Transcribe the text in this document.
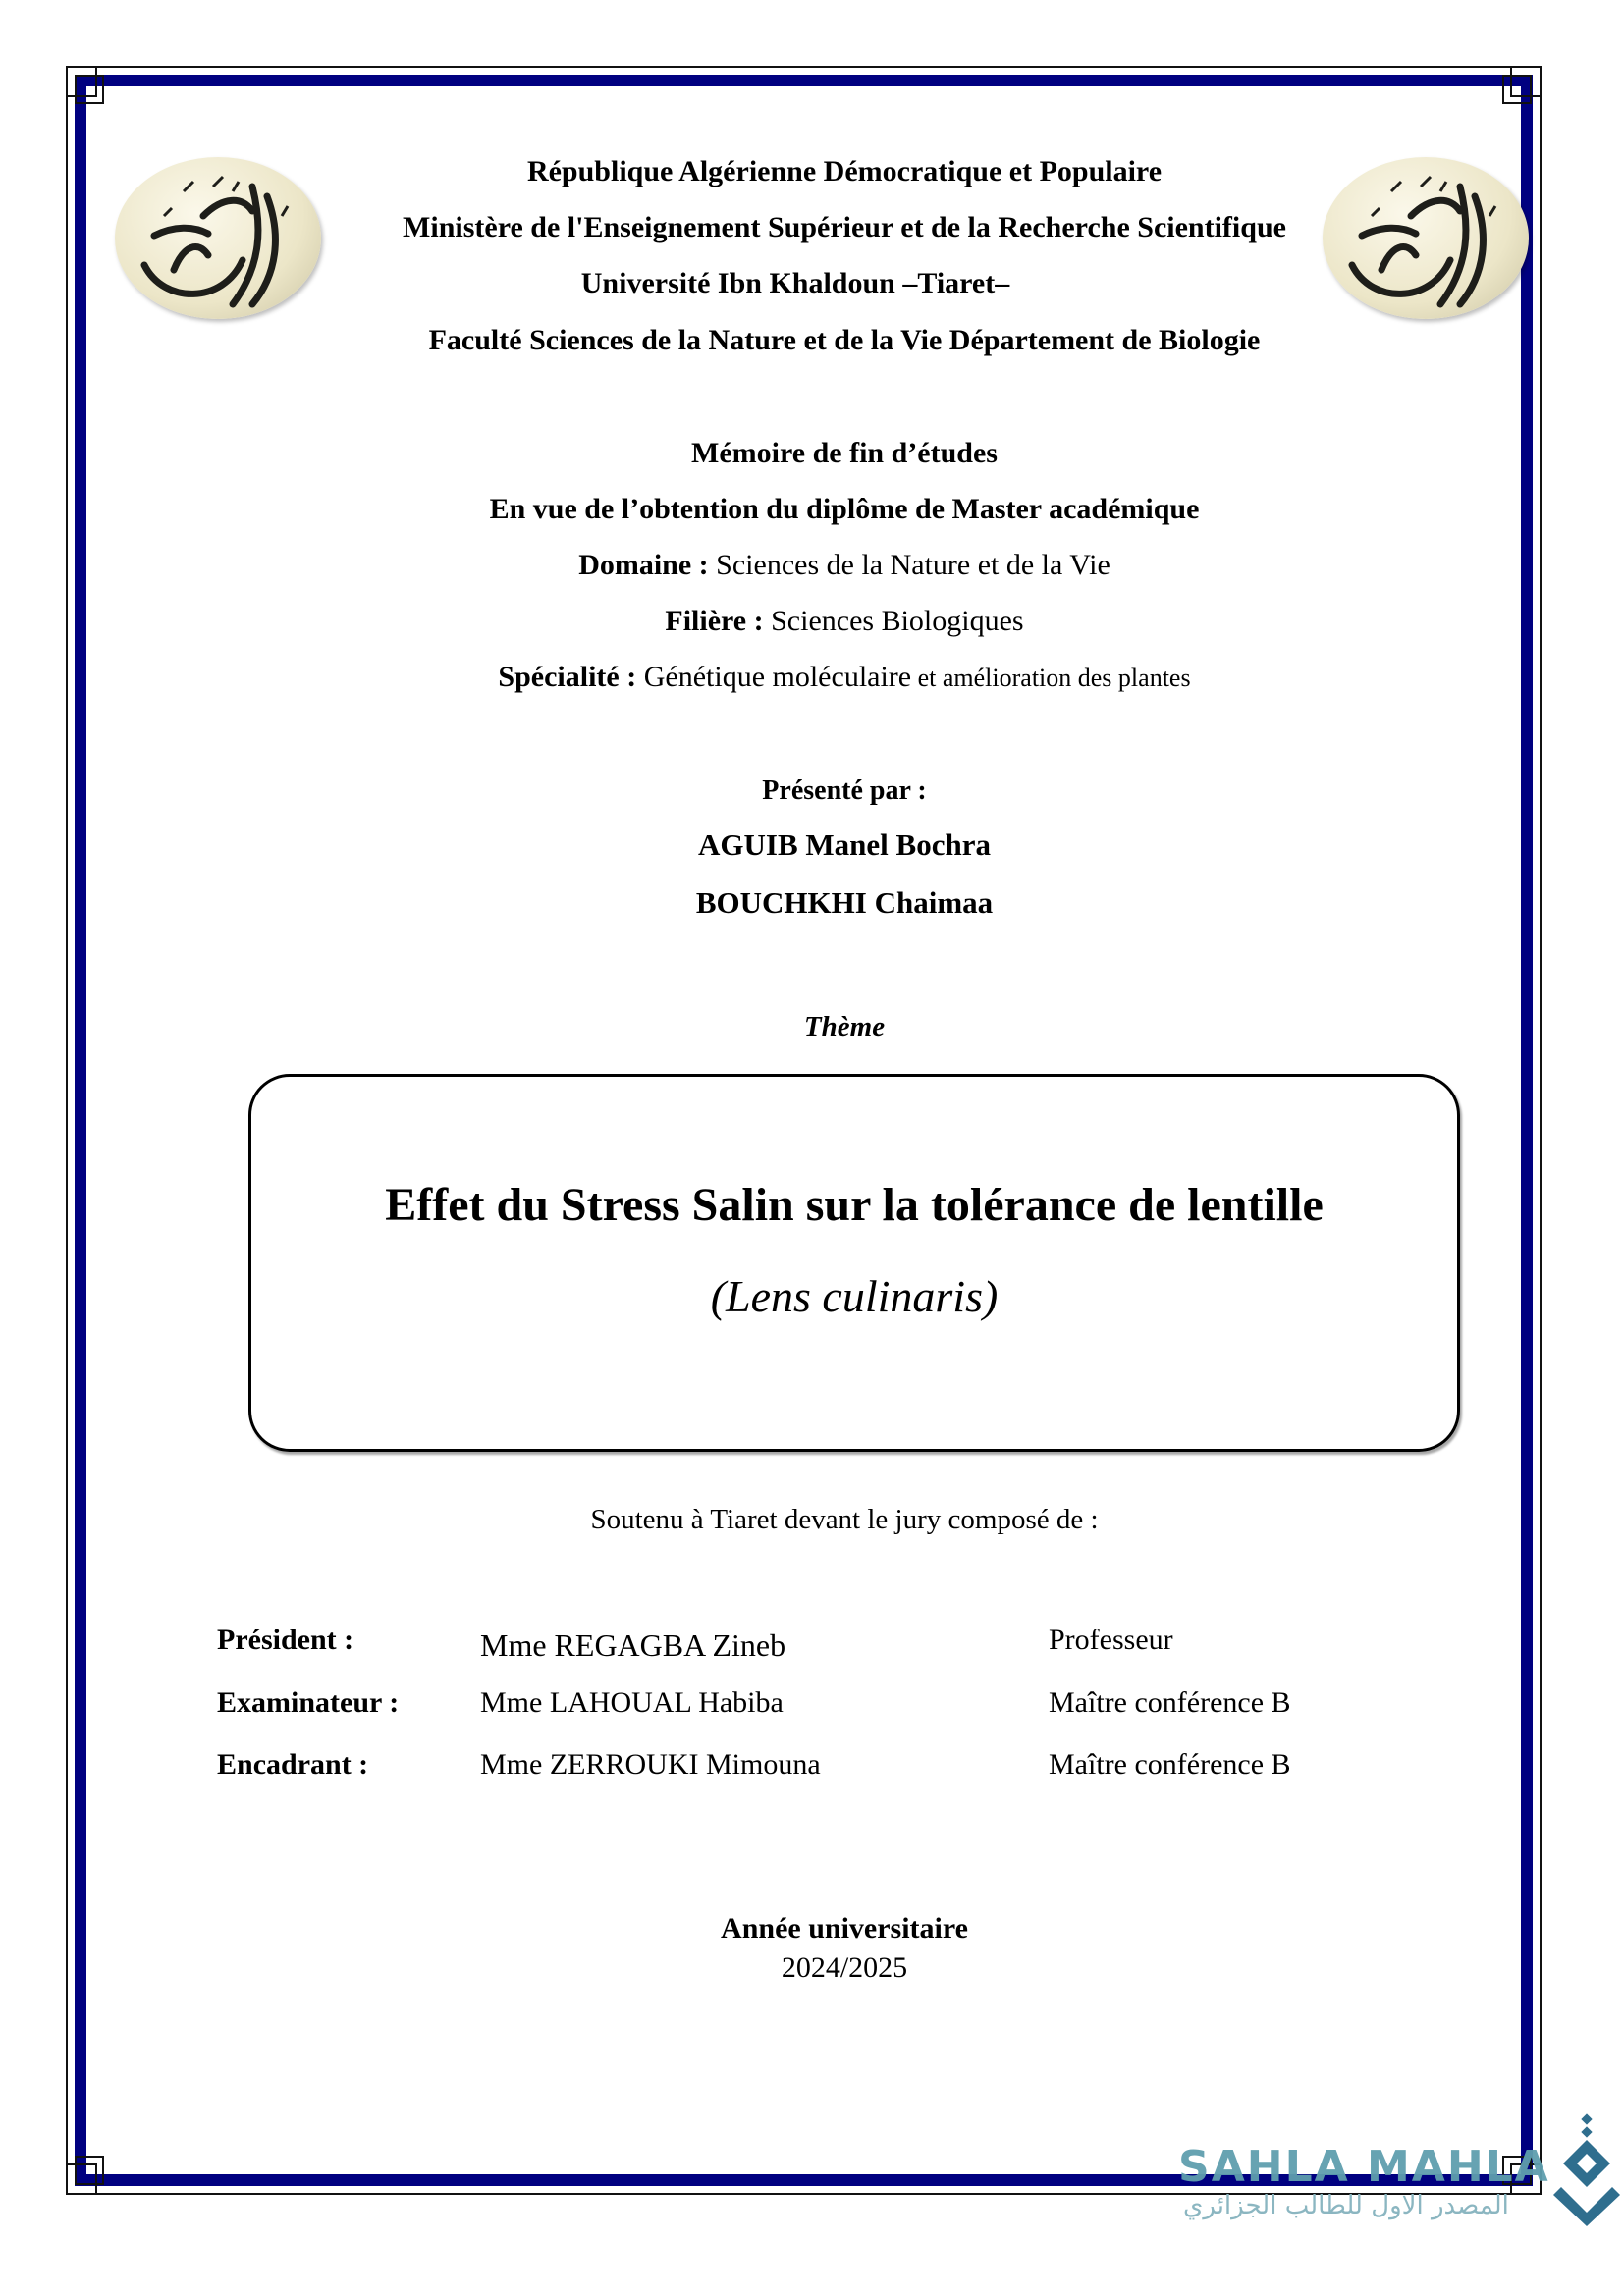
République Algérienne Démocratique et Populaire
Ministère de l'Enseignement Supérieur et de la Recherche Scientifique
Université Ibn Khaldoun –Tiaret–
Faculté Sciences de la Nature et de la Vie Département de Biologie
Mémoire de fin d’études
En vue de l’obtention du diplôme de Master académique
Domaine : Sciences de la Nature et de la Vie
Filière : Sciences Biologiques
Spécialité : Génétique moléculaire et amélioration des plantes
Présenté par :
AGUIB Manel Bochra
BOUCHKHI Chaimaa
Thème
Effet du Stress Salin sur la tolérance de lentille
(Lens culinaris)
Soutenu à Tiaret devant le jury composé de :
Président :	Mme REGAGBA Zineb	Professeur
Examinateur :	Mme LAHOUAL Habiba	Maître conférence B
Encadrant :	Mme ZERROUKI Mimouna	Maître conférence B
Année universitaire
2024/2025
SAHLA MAHLA
المصدر الاول للطالب الجزائري
